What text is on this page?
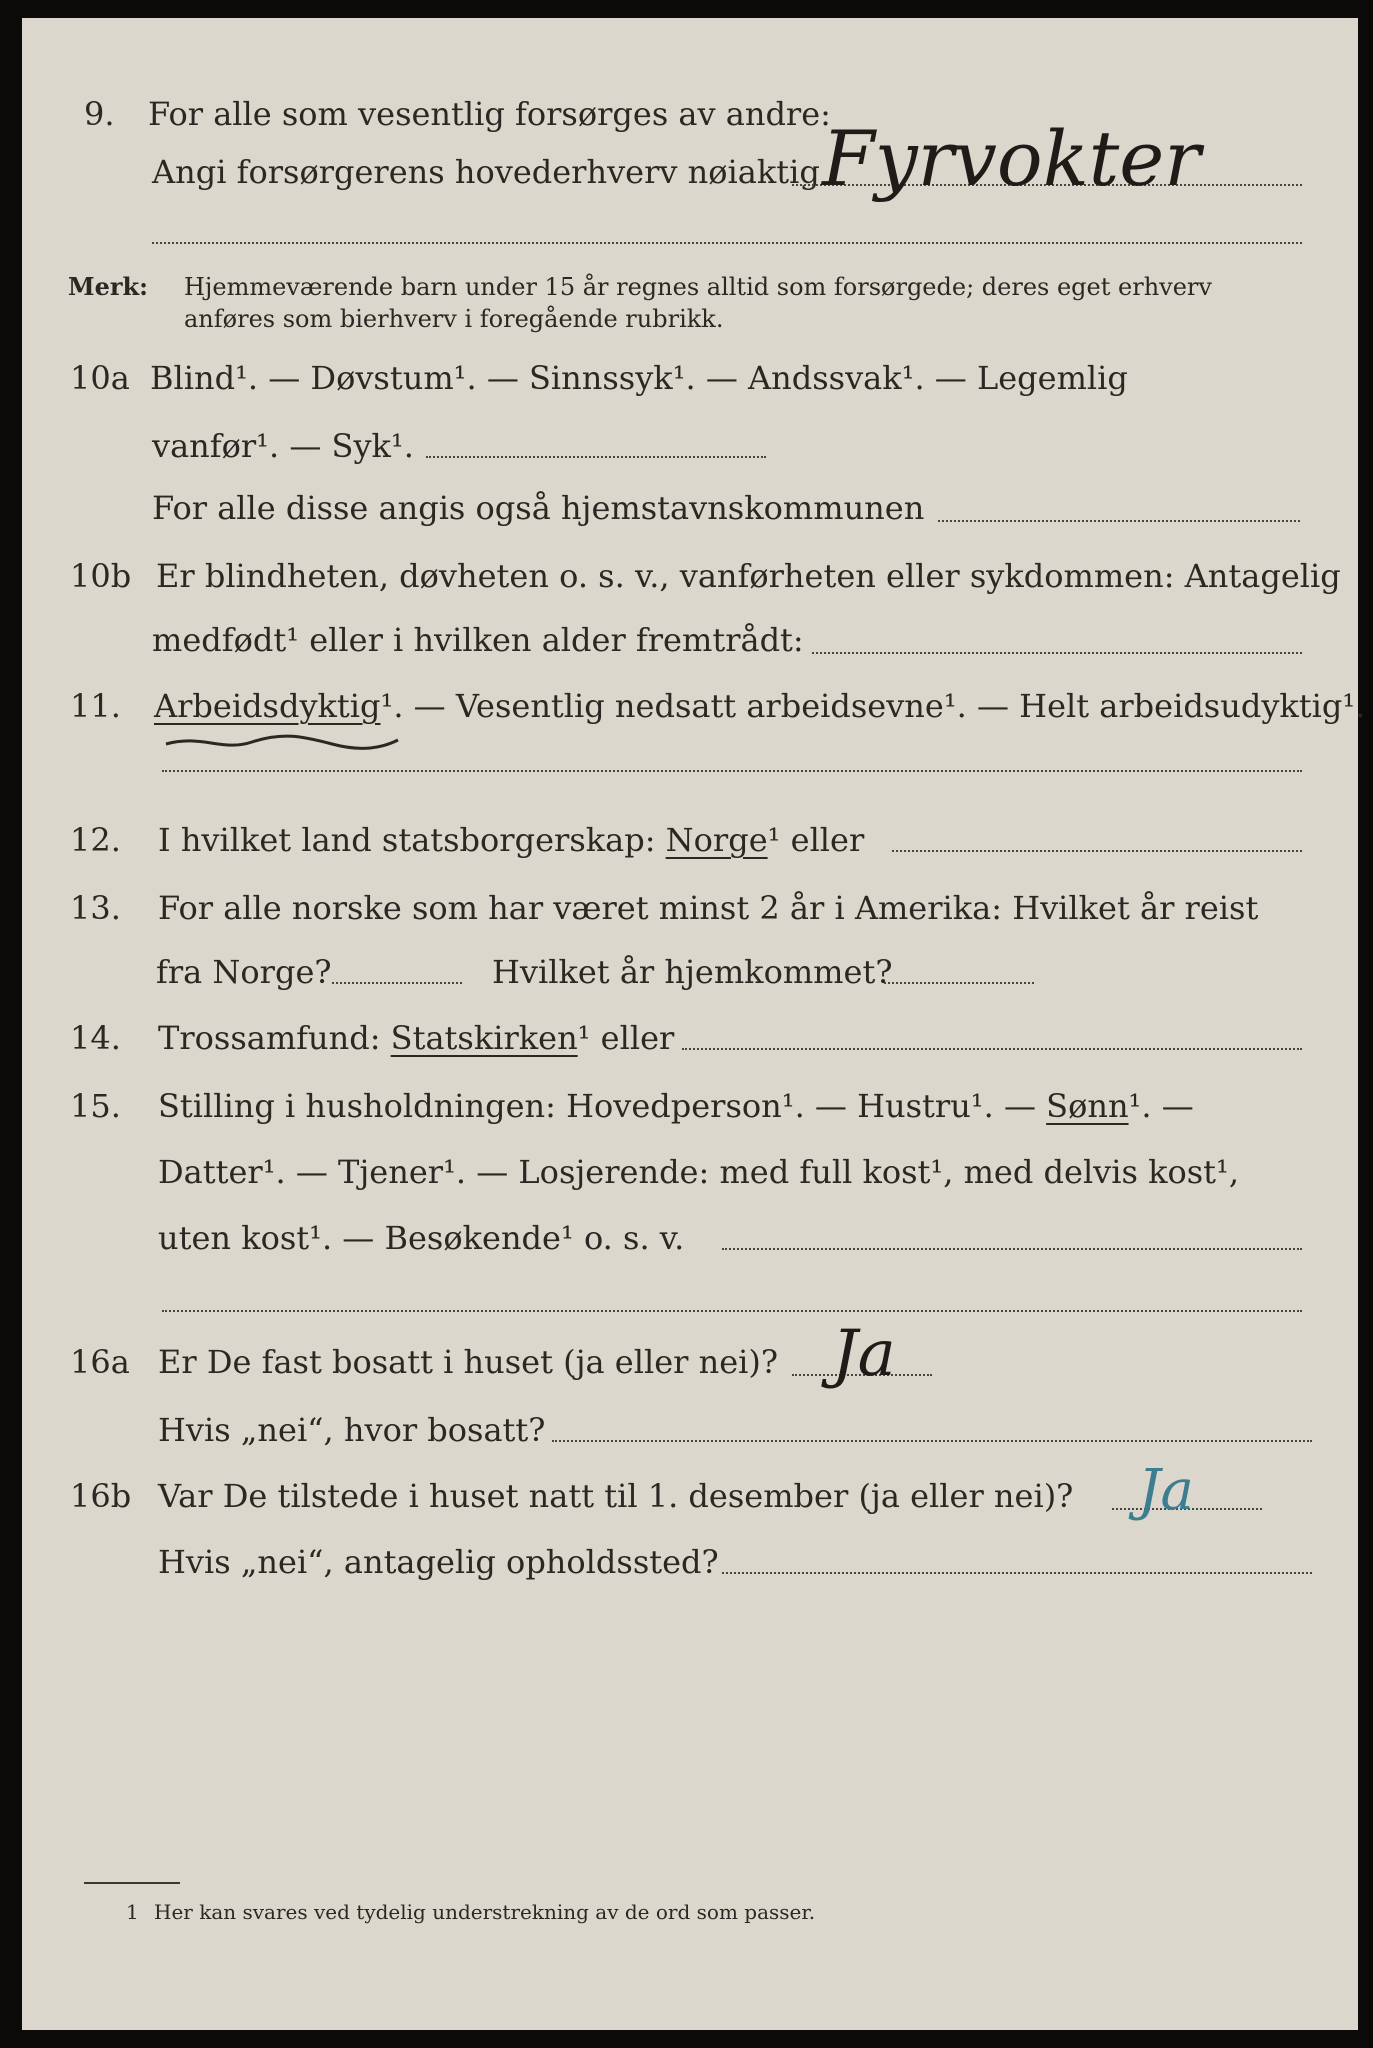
9. For alle som vesentlig forsørges av andre:
Angi forsørgerens hovederhverv nøiaktig Fyrvokter
Merk: Hjemmeværende barn under 15 år regnes alltid som forsørgede; deres eget erhverv
anføres som bierhverv i foregående rubrikk.
10a Blind¹. — Døvstum¹. — Sinnssyk¹. — Andssvak¹. — Legemlig
vanfør¹. — Syk¹.
For alle disse angis også hjemstavnskommunen
10b Er blindheten, døvheten o. s. v., vanførheten eller sykdommen: Antagelig
medfødt¹ eller i hvilken alder fremtrådt:
11. Arbeidsdyktig¹. — Vesentlig nedsatt arbeidsevne¹. — Helt arbeidsudyktig¹.
12. I hvilket land statsborgerskap: Norge¹ eller
13. For alle norske som har været minst 2 år i Amerika: Hvilket år reist
fra Norge?	Hvilket år hjemkommet?
14. Trossamfund: Statskirken¹ eller
15. Stilling i husholdningen: Hovedperson¹. — Hustru¹. — Sønn¹. —
Datter¹. — Tjener¹. — Losjerende: med full kost¹, med delvis kost¹,
uten kost¹. — Besøkende¹ o. s. v.
16a Er De fast bosatt i huset (ja eller nei)? Ja
Hvis „nei“, hvor bosatt?
16b Var De tilstede i huset natt til 1. desember (ja eller nei)? Ja
Hvis „nei“, antagelig opholdssted?
1 Her kan svares ved tydelig understrekning av de ord som passer.
